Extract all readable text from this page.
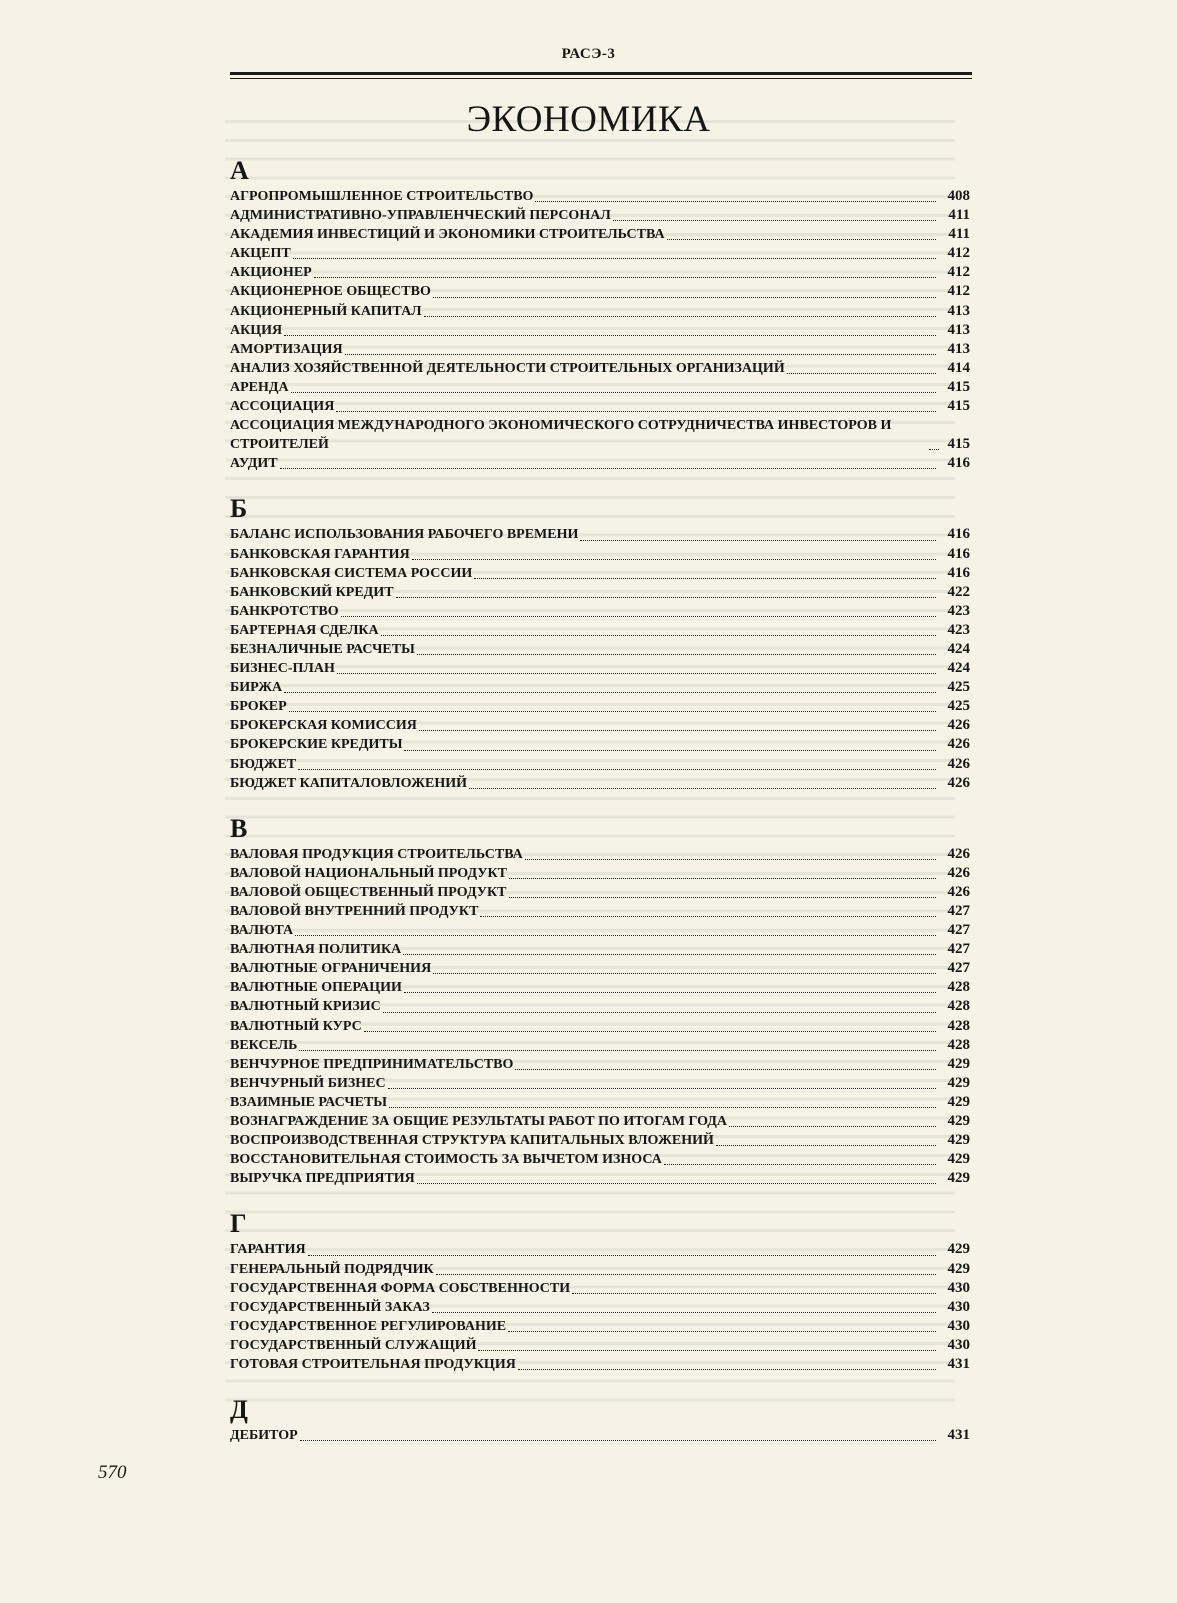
РАСЭ-3
ЭКОНОМИКА
А
АГРОПРОМЫШЛЕННОЕ СТРОИТЕЛЬСТВО	408
АДМИНИСТРАТИВНО-УПРАВЛЕНЧЕСКИЙ ПЕРСОНАЛ	411
АКАДЕМИЯ ИНВЕСТИЦИЙ И ЭКОНОМИКИ СТРОИТЕЛЬСТВА	411
АКЦЕПТ	412
АКЦИОНЕР	412
АКЦИОНЕРНОЕ ОБЩЕСТВО	412
АКЦИОНЕРНЫЙ КАПИТАЛ	413
АКЦИЯ	413
АМОРТИЗАЦИЯ	413
АНАЛИЗ ХОЗЯЙСТВЕННОЙ ДЕЯТЕЛЬНОСТИ СТРОИТЕЛЬНЫХ ОРГАНИЗАЦИЙ	414
АРЕНДА	415
АССОЦИАЦИЯ	415
АССОЦИАЦИЯ МЕЖДУНАРОДНОГО ЭКОНОМИЧЕСКОГО СОТРУДНИЧЕСТВА ИНВЕСТОРОВ И СТРОИТЕЛЕЙ	415
АУДИТ	416
Б
БАЛАНС ИСПОЛЬЗОВАНИЯ РАБОЧЕГО ВРЕМЕНИ	416
БАНКОВСКАЯ ГАРАНТИЯ	416
БАНКОВСКАЯ СИСТЕМА РОССИИ	416
БАНКОВСКИЙ КРЕДИТ	422
БАНКРОТСТВО	423
БАРТЕРНАЯ СДЕЛКА	423
БЕЗНАЛИЧНЫЕ РАСЧЕТЫ	424
БИЗНЕС-ПЛАН	424
БИРЖА	425
БРОКЕР	425
БРОКЕРСКАЯ КОМИССИЯ	426
БРОКЕРСКИЕ КРЕДИТЫ	426
БЮДЖЕТ	426
БЮДЖЕТ КАПИТАЛОВЛОЖЕНИЙ	426
В
ВАЛОВАЯ ПРОДУКЦИЯ СТРОИТЕЛЬСТВА	426
ВАЛОВОЙ НАЦИОНАЛЬНЫЙ ПРОДУКТ	426
ВАЛОВОЙ ОБЩЕСТВЕННЫЙ ПРОДУКТ	426
ВАЛОВОЙ ВНУТРЕННИЙ ПРОДУКТ	427
ВАЛЮТА	427
ВАЛЮТНАЯ ПОЛИТИКА	427
ВАЛЮТНЫЕ ОГРАНИЧЕНИЯ	427
ВАЛЮТНЫЕ ОПЕРАЦИИ	428
ВАЛЮТНЫЙ КРИЗИС	428
ВАЛЮТНЫЙ КУРС	428
ВЕКСЕЛЬ	428
ВЕНЧУРНОЕ ПРЕДПРИНИМАТЕЛЬСТВО	429
ВЕНЧУРНЫЙ БИЗНЕС	429
ВЗАИМНЫЕ РАСЧЕТЫ	429
ВОЗНАГРАЖДЕНИЕ ЗА ОБЩИЕ РЕЗУЛЬТАТЫ РАБОТ ПО ИТОГАМ ГОДА	429
ВОСПРОИЗВОДСТВЕННАЯ СТРУКТУРА КАПИТАЛЬНЫХ ВЛОЖЕНИЙ	429
ВОССТАНОВИТЕЛЬНАЯ СТОИМОСТЬ ЗА ВЫЧЕТОМ ИЗНОСА	429
ВЫРУЧКА ПРЕДПРИЯТИЯ	429
Г
ГАРАНТИЯ	429
ГЕНЕРАЛЬНЫЙ ПОДРЯДЧИК	429
ГОСУДАРСТВЕННАЯ ФОРМА СОБСТВЕННОСТИ	430
ГОСУДАРСТВЕННЫЙ ЗАКАЗ	430
ГОСУДАРСТВЕННОЕ РЕГУЛИРОВАНИЕ	430
ГОСУДАРСТВЕННЫЙ СЛУЖАЩИЙ	430
ГОТОВАЯ СТРОИТЕЛЬНАЯ ПРОДУКЦИЯ	431
Д
ДЕБИТОР	431
570
